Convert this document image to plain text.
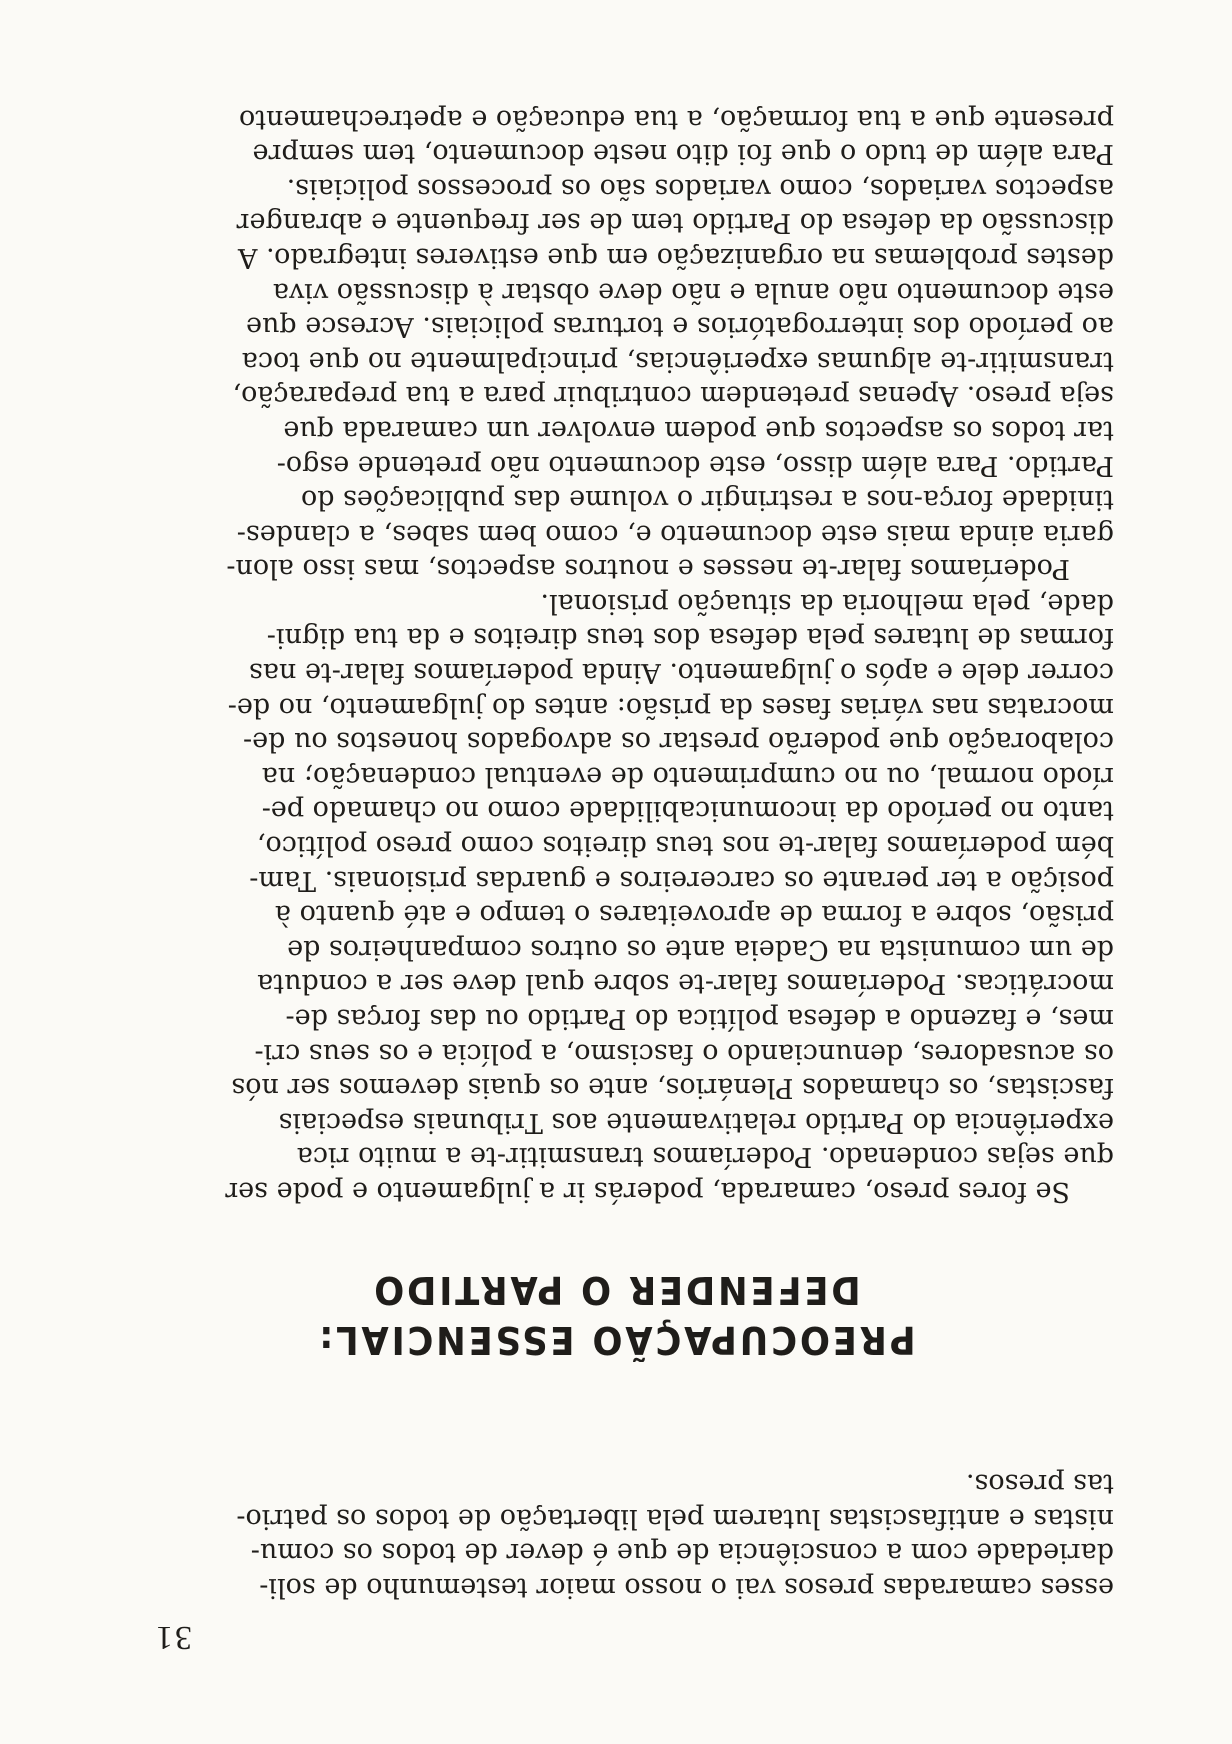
31
esses camaradas presos vai o nosso maior testemunho de soli-
dariedade com a consciência de que é dever de todos os comu-
nistas e antifascistas lutarem pela libertação de todos os patrio-
tas presos.
PREOCUPAÇÃO ESSENCIAL:
DEFENDER O PARTIDO
Se fores preso, camarada, poderás ir a julgamento e pode ser
que sejas condenado. Poderíamos transmitir-te a muito rica
experiência do Partido relativamente aos Tribunais especiais
fascistas, os chamados Plenários, ante os quais devemos ser nós
os acusadores, denunciando o fascismo, a polícia e os seus cri-
mes, e fazendo a defesa política do Partido ou das forças de-
mocráticas. Poderíamos falar-te sobre qual deve ser a conduta
de um comunista na Cadeia ante os outros companheiros de
prisão, sobre a forma de aproveitares o tempo e até quanto à
posição a ter perante os carcereiros e guardas prisionais. Tam-
bém poderíamos falar-te nos teus direitos como preso político,
tanto no período da incomunicabilidade como no chamado pe-
ríodo normal, ou no cumprimento de eventual condenação; na
colaboração que poderão prestar os advogados honestos ou de-
mocratas nas várias fases da prisão: antes do julgamento, no de-
correr dele e após o julgamento. Ainda poderíamos falar-te nas
formas de lutares pela defesa dos teus direitos e da tua digni-
dade, pela melhoria da situação prisional.
Poderíamos falar-te nesses e noutros aspectos, mas isso alon-
garia ainda mais este documento e, como bem sabes, a clandes-
tinidade força-nos a restringir o volume das publicações do
Partido. Para além disso, este documento não pretende esgo-
tar todos os aspectos que podem envolver um camarada que
seja preso. Apenas pretendem contribuir para a tua preparação,
transmitir-te algumas experiências, principalmente no que toca
ao período dos interrogatórios e torturas policiais. Acresce que
este documento não anula e não deve obstar à discussão viva
destes problemas na organização em que estiveres integrado. A
discussão da defesa do Partido tem de ser frequente e abranger
aspectos variados, como variados são os processos policiais.
Para além de tudo o que foi dito neste documento, tem sempre
presente que a tua formação, a tua educação e apetrechamento
